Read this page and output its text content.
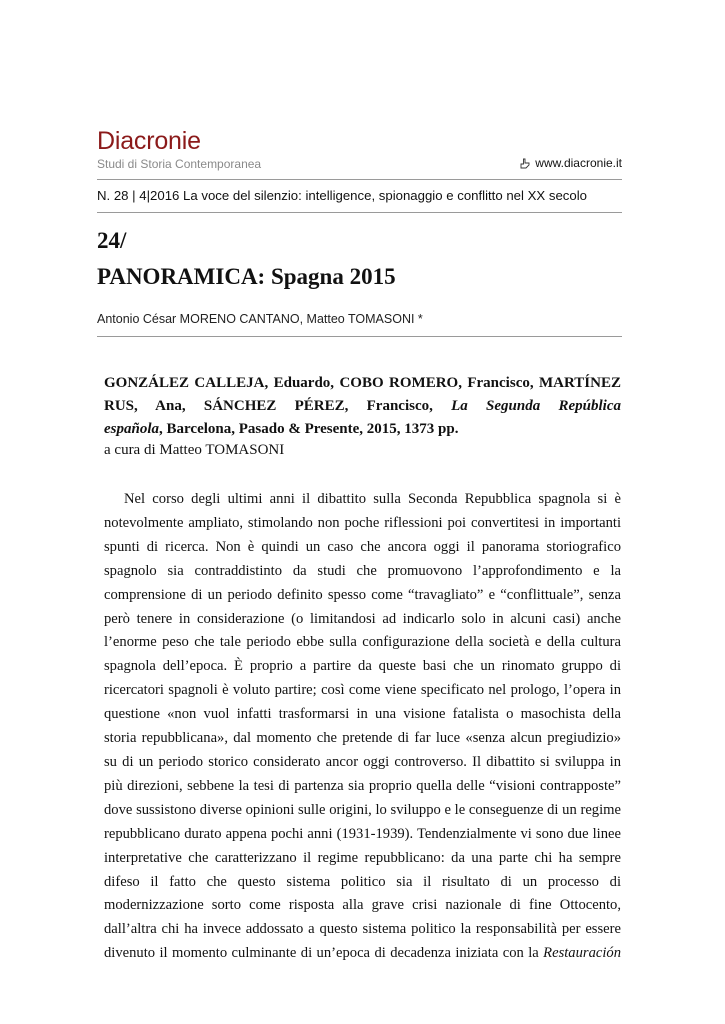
Diacronie
Studi di Storia Contemporanea	www.diacronie.it
N. 28 | 4|2016 La voce del silenzio: intelligence, spionaggio e conflitto nel XX secolo
24/
PANORAMICA: Spagna 2015
Antonio César MORENO CANTANO, Matteo TOMASONI *
GONZÁLEZ CALLEJA, Eduardo, COBO ROMERO, Francisco, MARTÍNEZ
RUS, Ana, SÁNCHEZ PÉREZ, Francisco, La Segunda República
española, Barcelona, Pasado & Presente, 2015, 1373 pp.
a cura di Matteo TOMASONI
Nel corso degli ultimi anni il dibattito sulla Seconda Repubblica spagnola si è
notevolmente ampliato, stimolando non poche riflessioni poi convertitesi in importanti
spunti di ricerca. Non è quindi un caso che ancora oggi il panorama storiografico
spagnolo sia contraddistinto da studi che promuovono l’approfondimento e la
comprensione di un periodo definito spesso come “travagliato” e “conflittuale”, senza
però tenere in considerazione (o limitandosi ad indicarlo solo in alcuni casi) anche
l’enorme peso che tale periodo ebbe sulla configurazione della società e della cultura
spagnola dell’epoca. È proprio a partire da queste basi che un rinomato gruppo di
ricercatori spagnoli è voluto partire; così come viene specificato nel prologo, l’opera in
questione «non vuol infatti trasformarsi in una visione fatalista o masochista della
storia repubblicana», dal momento che pretende di far luce «senza alcun pregiudizio»
su di un periodo storico considerato ancor oggi controverso. Il dibattito si sviluppa in
più direzioni, sebbene la tesi di partenza sia proprio quella delle “visioni contrapposte”
dove sussistono diverse opinioni sulle origini, lo sviluppo e le conseguenze di un regime
repubblicano durato appena pochi anni (1931-1939). Tendenzialmente vi sono due linee
interpretative che caratterizzano il regime repubblicano: da una parte chi ha sempre
difeso il fatto che questo sistema politico sia il risultato di un processo di
modernizzazione sorto come risposta alla grave crisi nazionale di fine Ottocento,
dall’altra chi ha invece addossato a questo sistema politico la responsabilità per essere
divenuto il momento culminante di un’epoca di decadenza iniziata con la Restauración
